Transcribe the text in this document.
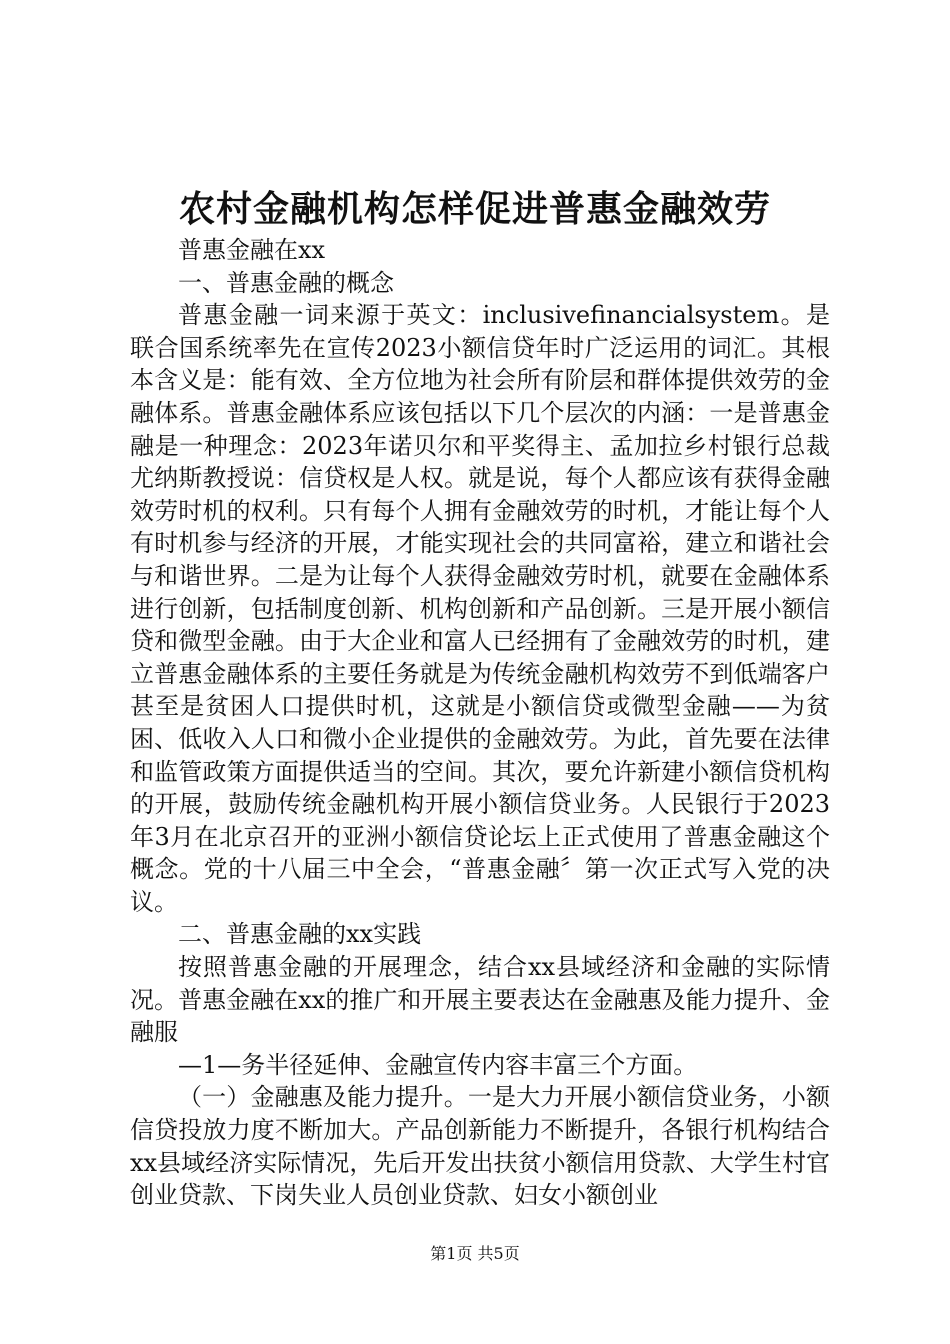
农村金融机构怎样促进普惠金融效劳

普惠金融在xx

一、普惠金融的概念

普惠金融一词来源于英文：inclusivefinancialsystem。是联合国系统率先在宣传2023小额信贷年时广泛运用的词汇。其根本含义是：能有效、全方位地为社会所有阶层和群体提供效劳的金融体系。普惠金融体系应该包括以下几个层次的内涵：一是普惠金融是一种理念：2023年诺贝尔和平奖得主、孟加拉乡村银行总裁尤纳斯教授说：信贷权是人权。就是说，每个人都应该有获得金融效劳时机的权利。只有每个人拥有金融效劳的时机，才能让每个人有时机参与经济的开展，才能实现社会的共同富裕，建立和谐社会与和谐世界。二是为让每个人获得金融效劳时机，就要在金融体系进行创新，包括制度创新、机构创新和产品创新。三是开展小额信贷和微型金融。由于大企业和富人已经拥有了金融效劳的时机，建立普惠金融体系的主要任务就是为传统金融机构效劳不到低端客户甚至是贫困人口提供时机，这就是小额信贷或微型金融——为贫困、低收入人口和微小企业提供的金融效劳。为此，首先要在法律和监管政策方面提供适当的空间。其次，要允许新建小额信贷机构的开展，鼓励传统金融机构开展小额信贷业务。人民银行于2023年3月在北京召开的亚洲小额信贷论坛上正式使用了普惠金融这个概念。党的十八届三中全会，“普惠金融〞第一次正式写入党的决议。

二、普惠金融的xx实践

按照普惠金融的开展理念，结合xx县域经济和金融的实际情况。普惠金融在xx的推广和开展主要表达在金融惠及能力提升、金融服

—1—务半径延伸、金融宣传内容丰富三个方面。

（一）金融惠及能力提升。一是大力开展小额信贷业务，小额信贷投放力度不断加大。产品创新能力不断提升，各银行机构结合xx县域经济实际情况，先后开发出扶贫小额信用贷款、大学生村官创业贷款、下岗失业人员创业贷款、妇女小额创业

第1页 共5页
